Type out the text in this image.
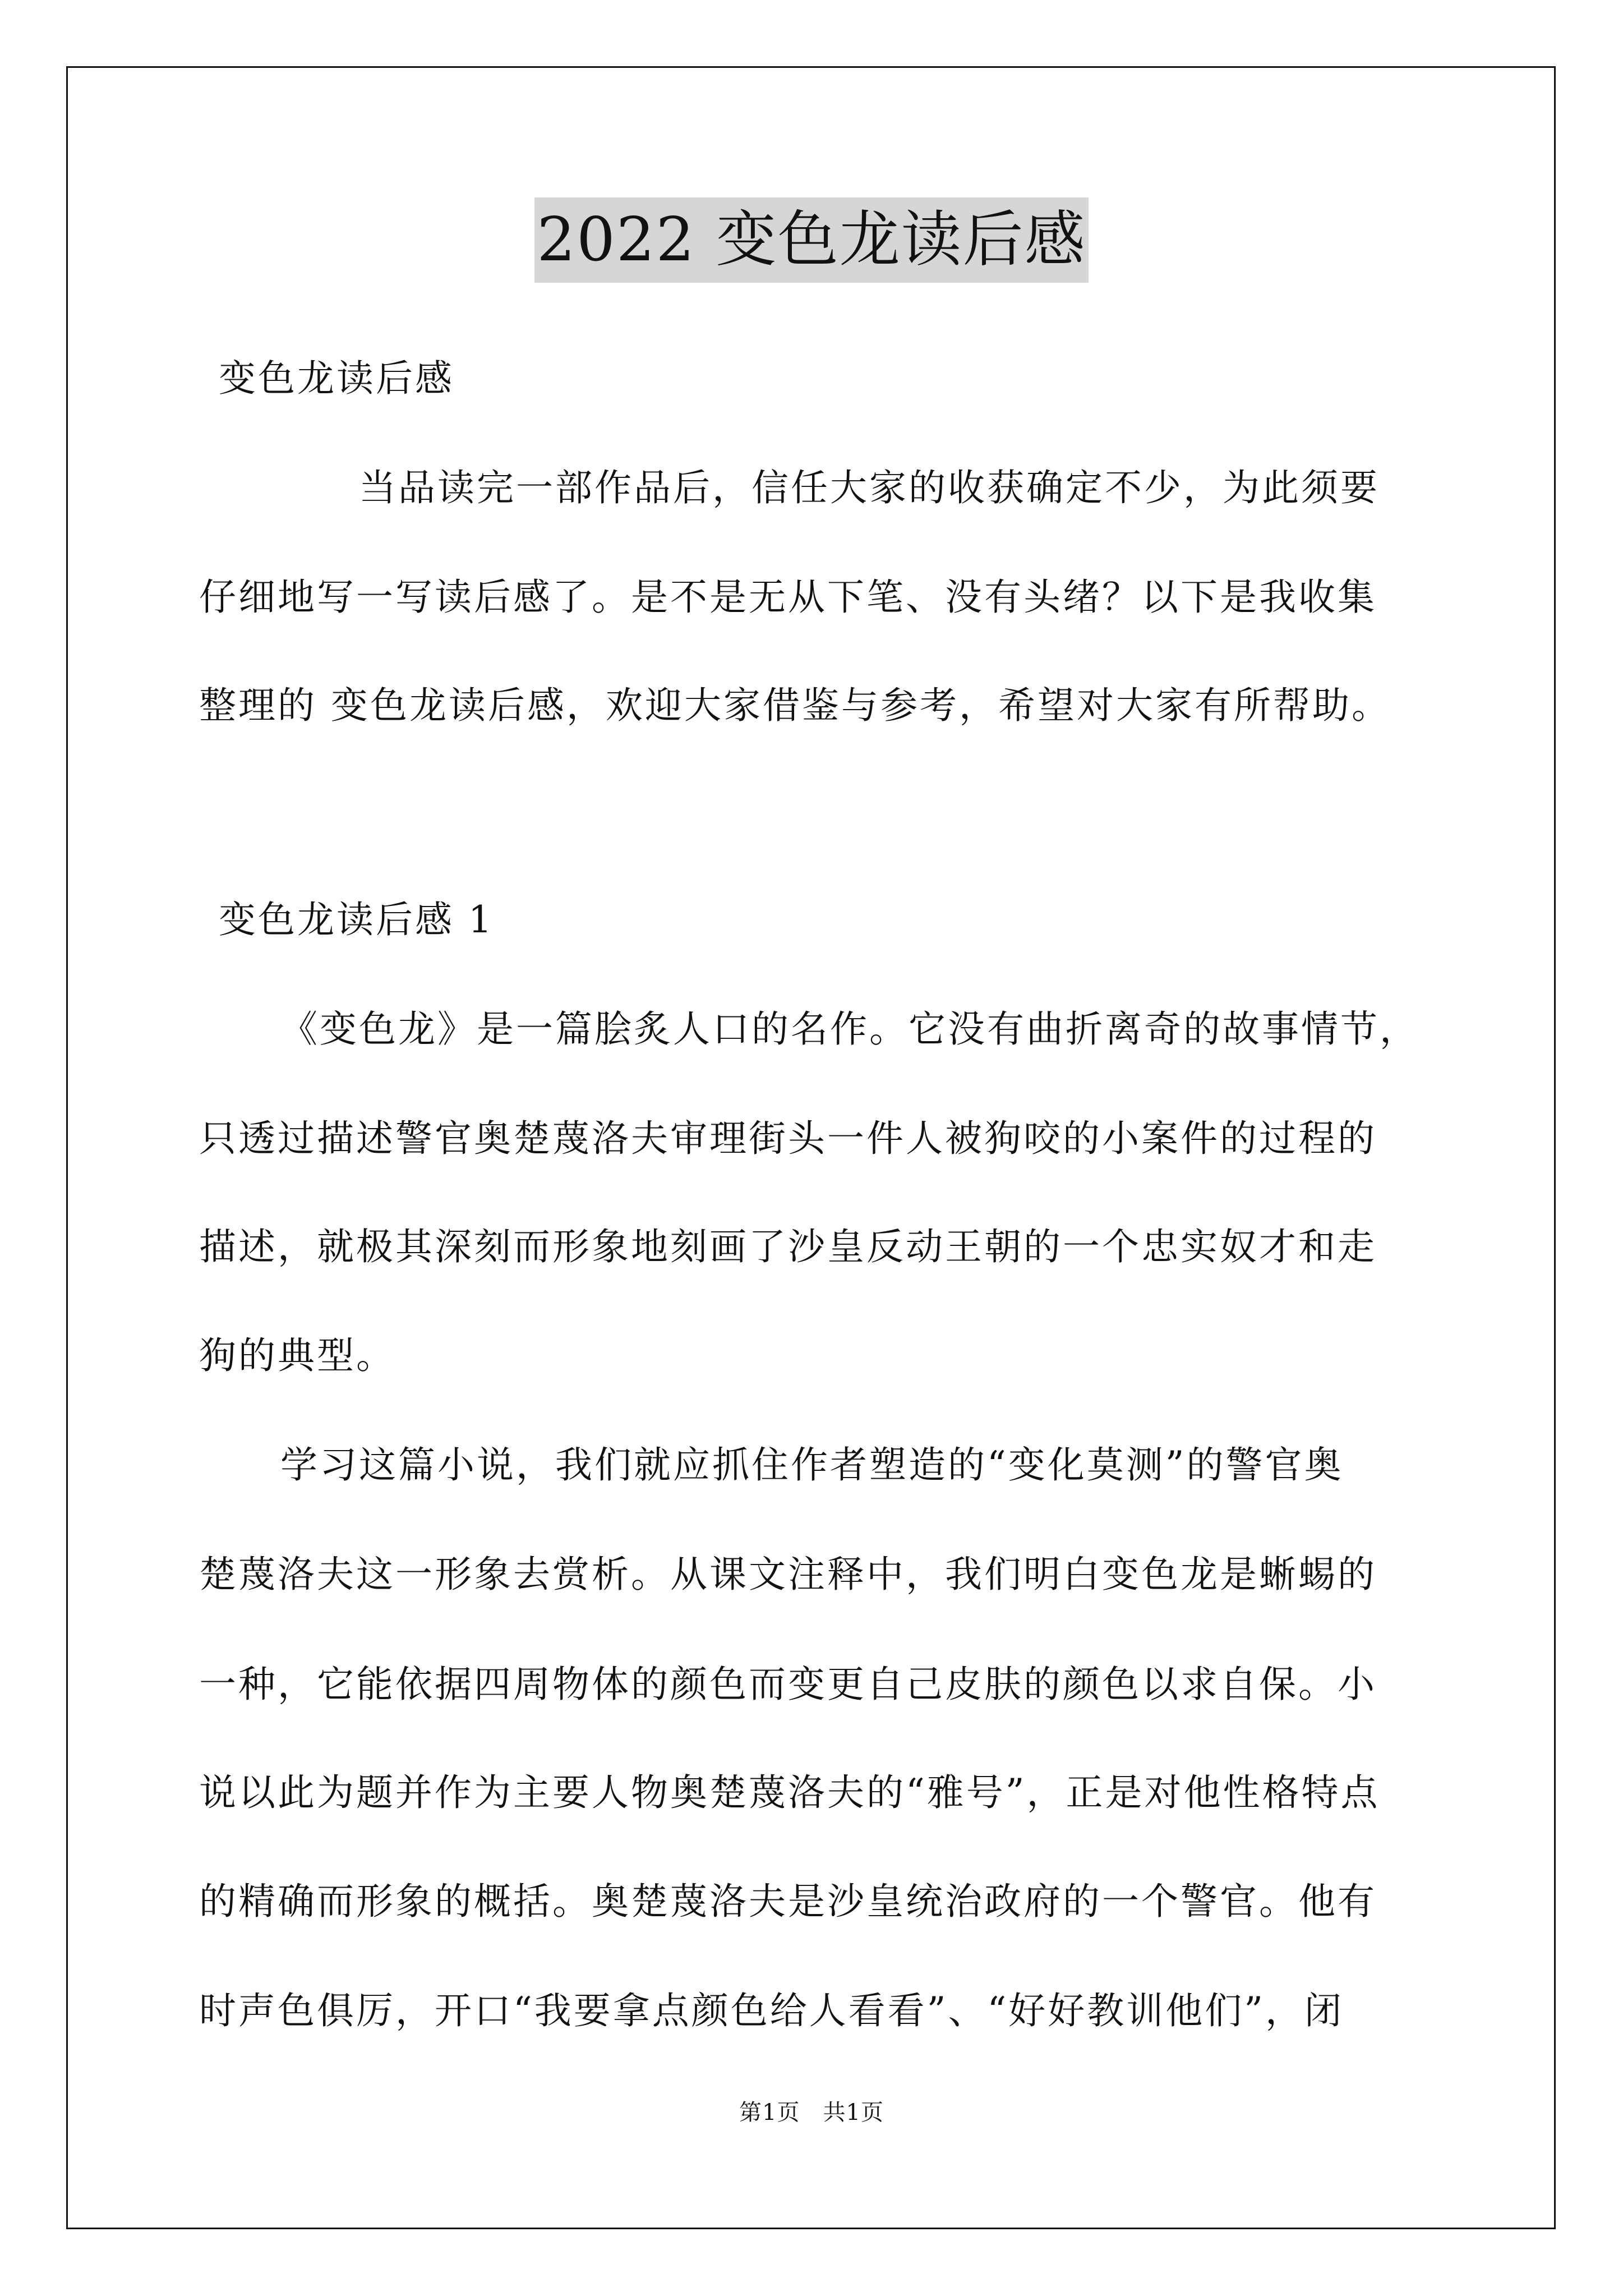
2022 变色龙读后感
变色龙读后感
当品读完一部作品后，信任大家的收获确定不少，为此须要
仔细地写一写读后感了。是不是无从下笔、没有头绪？以下是我收集
整理的 变色龙读后感，欢迎大家借鉴与参考，希望对大家有所帮助。
变色龙读后感 1
《变色龙》是一篇脍炙人口的名作。它没有曲折离奇的故事情节，
只透过描述警官奥楚蔑洛夫审理街头一件人被狗咬的小案件的过程的
描述，就极其深刻而形象地刻画了沙皇反动王朝的一个忠实奴才和走
狗的典型。
学习这篇小说，我们就应抓住作者塑造的“变化莫测”的警官奥
楚蔑洛夫这一形象去赏析。从课文注释中，我们明白变色龙是蜥蜴的
一种，它能依据四周物体的颜色而变更自己皮肤的颜色以求自保。小
说以此为题并作为主要人物奥楚蔑洛夫的“雅号”，正是对他性格特点
的精确而形象的概括。奥楚蔑洛夫是沙皇统治政府的一个警官。他有
时声色俱厉，开口“我要拿点颜色给人看看”、“好好教训他们”，闭
第1页　共1页
